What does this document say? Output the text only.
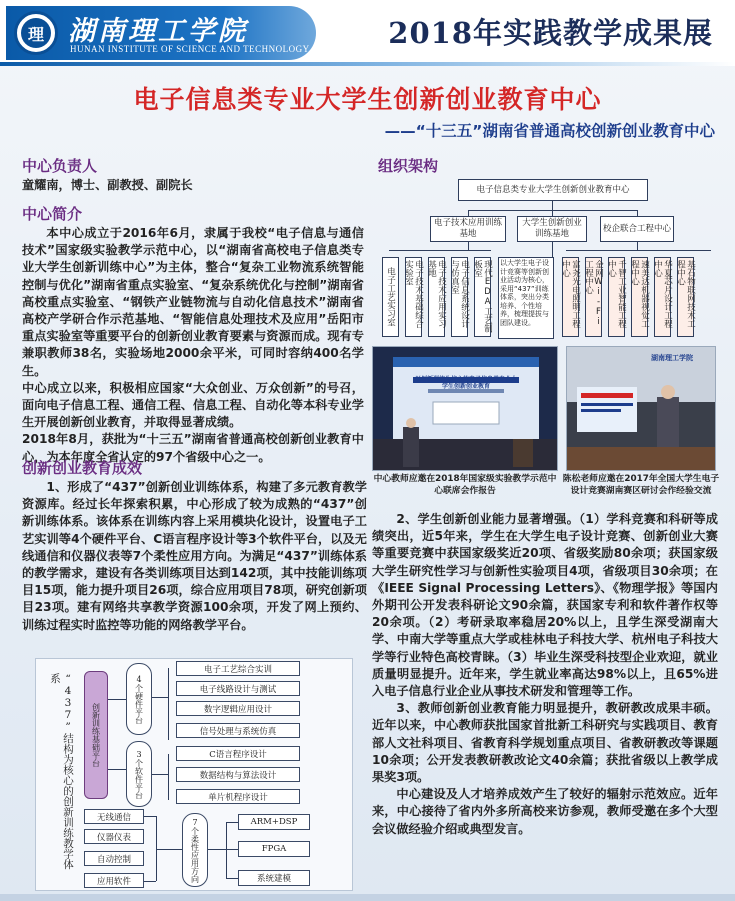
理 湖南理工学院
HUNAN INSTITUTE OF SCIENCE AND TECHNOLOGY	2018年实践教学成果展
电子信息类专业大学生创新创业教育中心
——“十三五”湖南省普通高校创新创业教育中心
中心负责人

童耀南，博士、副教授、副院长

中心简介

本中心成立于2016年6月，隶属于我校“电子信息与通信技术”国家级实验教学示范中心，以“湖南省高校电子信息类专业大学生创新训练中心”为主体，整合“复杂工业物流系统智能控制与优化”湖南省重点实验室、“复杂系统优化与控制”湖南省高校重点实验室、“钢铁产业链物流与自动化信息技术”湖南省高校产学研合作示范基地、“智能信息处理技术及应用”岳阳市重点实验室等重要平台的创新创业教育要素与资源而成。现有专兼职教师38名，实验场地2000余平米，可同时容纳400名学生。

中心成立以来，积极相应国家“大众创业、万众创新”的号召，面向电子信息工程、通信工程、信息工程、自动化等本科专业学生开展创新创业教育，并取得显著成绩。

2018年8月，获批为“十三五”湖南省普通高校创新创业教育中心，为本年度全省认定的97个省级中心之一。

创新创业教育成效

1、形成了“437”创新创业训练体系，构建了多元教育教学资源库。经过长年探索积累，中心形成了较为成熟的“437”创新训练体系。该体系在训练内容上采用模块化设计，设置电子工艺实训等4个硬件平台、C语言程序设计等3个软件平台，以及无线通信和仪器仪表等7个柔性应用方向。为满足“437”训练体系的教学需求，建设有各类训练项目达到142项，其中技能训练项目15项，能力提升项目26项，综合应用项目78项，研究创新项目23项。建有网络共享教学资源100余项，开发了网上预约、训练过程实时监控等功能的网络教学平台。

组织架构
电子信息类专业大学生创新创业教育中心
电子技术应用训练基地
大学生创新创业训练基地
校企联合工程中心
电子工艺实习室	电子技术基础综合实验室	电子技术应用实习基地	电子信息系统设计与仿真室	现代EDA工艺制板室	以大学生电子设计竞赛等创新创业活动为核心，采用“437”训练体系，突出分类培养、个性培养，梳理提拔与团队建设。	富尧光电照明工程中心	金网Wi-Fi工程中心	千智工业智能工程中心	速美达机器视觉工程中心	华夏芯片设计工程中心	基石物联网技术工程中心
以创新训练为核心的电子信息类专业大学生创新创业教育
湖南理工学院
中心教师应邀在2018年国家级实验教学示范中心联席会作报告
陈松老师应邀在2017年全国大学生电子设计竞赛湖南赛区研讨会作经验交流

2、学生创新创业能力显著增强。（1）学科竞赛和科研等成绩突出，近5年来，学生在大学生电子设计竞赛、创新创业大赛等重要竞赛中获国家级奖近20项、省级奖励80余项；获国家级大学生研究性学习与创新性实验项目4项，省级项目30余项；在《IEEE Signal Processing Letters》、《物理学报》等国内外期刊公开发表科研论文90余篇，获国家专利和软件著作权等20余项。（2）考研录取率稳居20%以上，且学生深受湖南大学、中南大学等重点大学或桂林电子科技大学、杭州电子科技大学等行业特色高校青睐。（3）毕业生深受科技型企业欢迎，就业质量明显提升。近年来，学生就业率高达98%以上，且65%进入电子信息行业企业从事技术研发和管理等工作。

3、教师创新创业教育能力明显提升，教研教改成果丰硕。近年以来，中心教师获批国家首批新工科研究与实践项目、教育部人文社科项目、省教育科学规划重点项目、省教研教改等课题10余项；公开发表教研教改论文40余篇；获批省级以上教学成果奖3项。

中心建设及人才培养成效产生了较好的辐射示范效应。近年来，中心接待了省内外多所高校来访参观，教师受邀在多个大型会议做经验介绍或典型发言。

“437”结构为核心的创新训练教学体系
创新训练基础平台
4个硬件平台
3个软件平台
电子工艺综合实训
电子线路设计与测试
数字逻辑应用设计
信号处理与系统仿真
C语言程序设计
数据结构与算法设计
单片机程序设计
无线通信
仪器仪表
自动控制
应用软件	7个柔性应用方向	ARM+DSP
FPGA
系统建模
